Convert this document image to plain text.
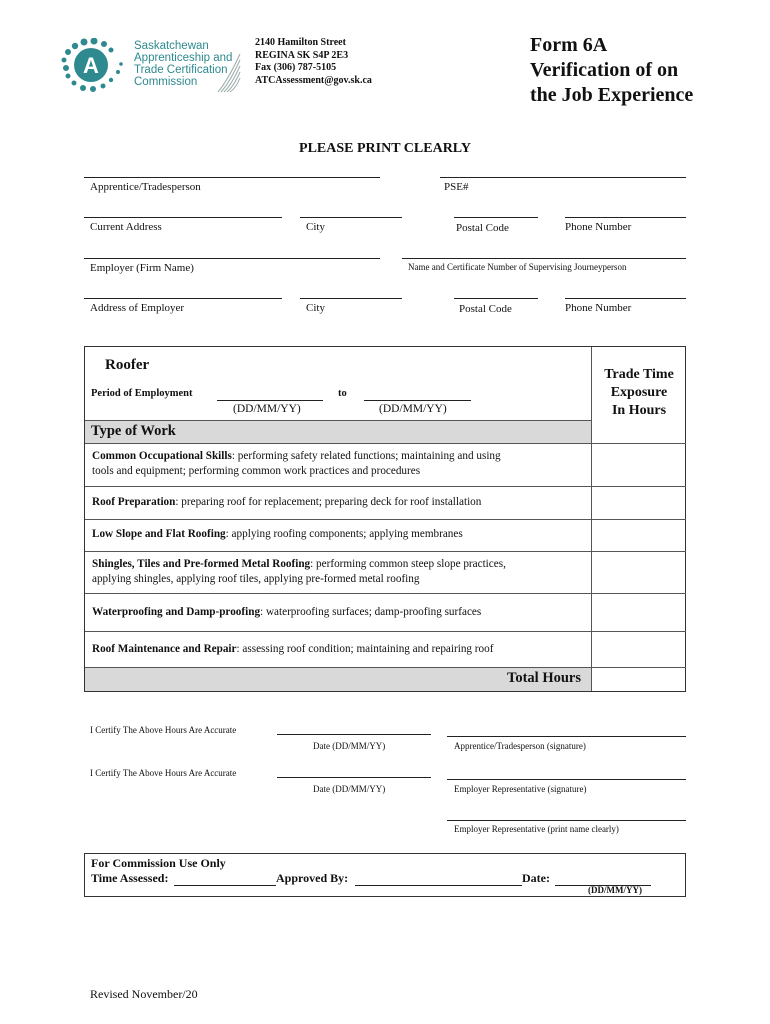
A
Saskatchewan
Apprenticeship and
Trade Certification
Commission
2140 Hamilton Street
REGINA SK S4P 2E3
Fax (306) 787-5105
ATCAssessment@gov.sk.ca
Form 6A
Verification of on
the Job Experience
PLEASE PRINT CLEARLY
Apprentice/Tradesperson	PSE#
Current Address	City	Postal Code	Phone Number
Employer (Firm Name)	Name and Certificate Number of Supervising Journeyperson
Address of Employer	City	Postal Code	Phone Number
Roofer
Period of Employment	to
(DD/MM/YY)	(DD/MM/YY)
Trade Time
Exposure
In Hours
Type of Work
Common Occupational Skills: performing safety related functions; maintaining and using
tools and equipment; performing common work practices and procedures
Roof Preparation: preparing roof for replacement; preparing deck for roof installation
Low Slope and Flat Roofing: applying roofing components; applying membranes
Shingles, Tiles and Pre-formed Metal Roofing: performing common steep slope practices,
applying shingles, applying roof tiles, applying pre-formed metal roofing
Waterproofing and Damp-proofing: waterproofing surfaces; damp-proofing surfaces
Roof Maintenance and Repair: assessing roof condition; maintaining and repairing roof
Total Hours
I Certify The Above Hours Are Accurate
Date (DD/MM/YY)	Apprentice/Tradesperson (signature)
I Certify The Above Hours Are Accurate
Date (DD/MM/YY)	Employer Representative (signature)
Employer Representative (print name clearly)
For Commission Use Only
Time Assessed:	Approved By:	Date:
(DD/MM/YY)
Revised November/20
